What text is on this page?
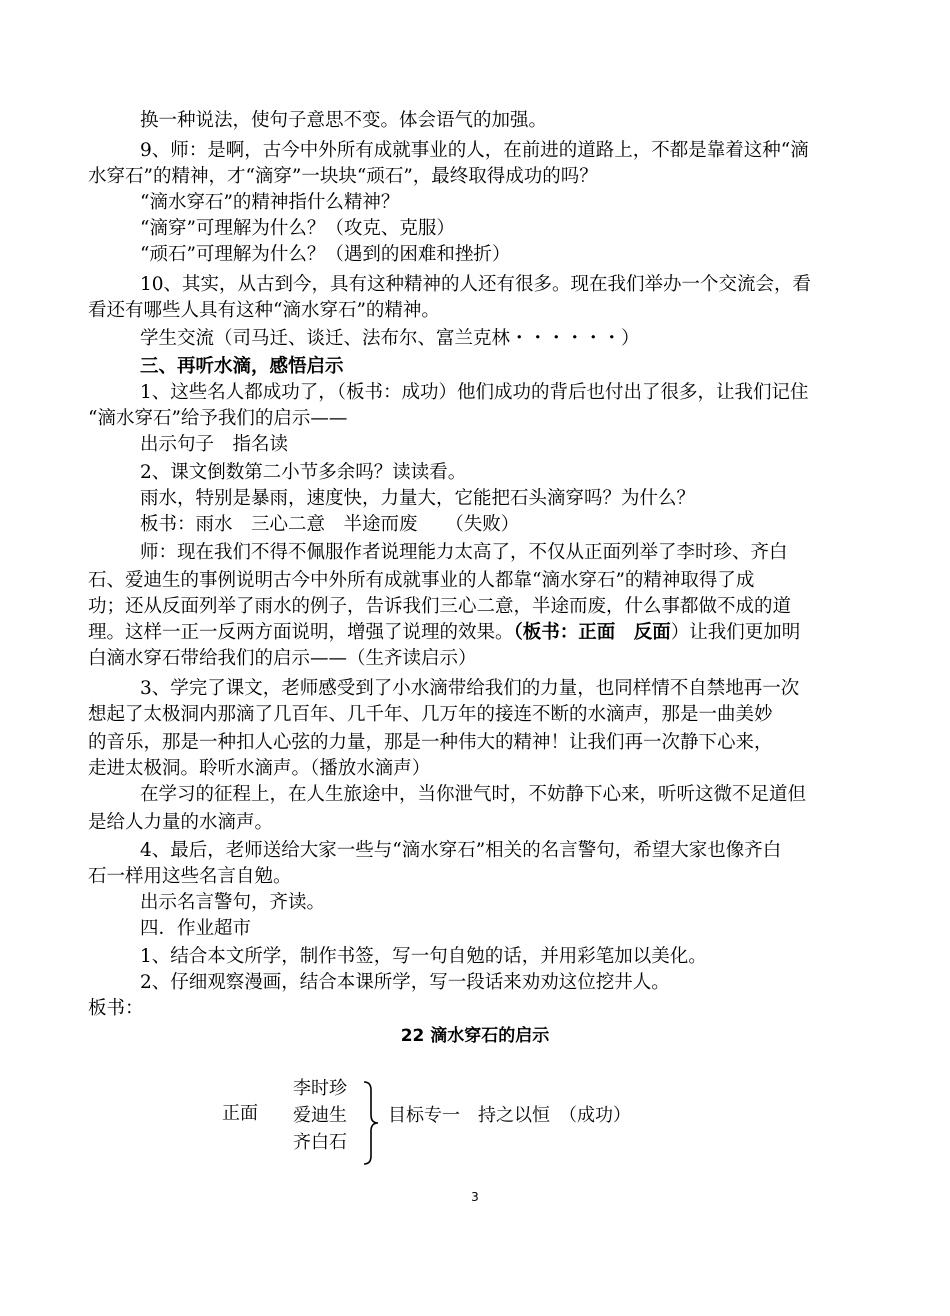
换一种说法，使句子意思不变。体会语气的加强。
9、师：是啊，古今中外所有成就事业的人，在前进的道路上，不都是靠着这种“滴
水穿石”的精神，才“滴穿”一块块“顽石”，最终取得成功的吗？
“滴水穿石”的精神指什么精神？
“滴穿”可理解为什么？（攻克、克服）
“顽石”可理解为什么？（遇到的困难和挫折）
10、其实，从古到今，具有这种精神的人还有很多。现在我们举办一个交流会，看
看还有哪些人具有这种“滴水穿石”的精神。
学生交流（司马迁、谈迁、法布尔、富兰克林・・・・・・）
三、再听水滴，感悟启示
1、这些名人都成功了，（板书：成功）他们成功的背后也付出了很多，让我们记住
“滴水穿石”给予我们的启示——
出示句子　指名读
2、课文倒数第二小节多余吗？读读看。
雨水，特别是暴雨，速度快，力量大，它能把石头滴穿吗？为什么？
板书：雨水　三心二意　半途而废　　（失败）
师：现在我们不得不佩服作者说理能力太高了，不仅从正面列举了李时珍、齐白
石、爱迪生的事例说明古今中外所有成就事业的人都靠“滴水穿石”的精神取得了成
功；还从反面列举了雨水的例子，告诉我们三心二意，半途而废，什么事都做不成的道
理。这样一正一反两方面说明，增强了说理的效果。（板书：正面　反面）让我们更加明
白滴水穿石带给我们的启示——（生齐读启示）
3、学完了课文，老师感受到了小水滴带给我们的力量，也同样情不自禁地再一次
想起了太极洞内那滴了几百年、几千年、几万年的接连不断的水滴声，那是一曲美妙
的音乐，那是一种扣人心弦的力量，那是一种伟大的精神！让我们再一次静下心来，
走进太极洞。聆听水滴声。（播放水滴声）
在学习的征程上，在人生旅途中，当你泄气时，不妨静下心来，听听这微不足道但
是给人力量的水滴声。
4、最后，老师送给大家一些与“滴水穿石”相关的名言警句，希望大家也像齐白
石一样用这些名言自勉。
出示名言警句，齐读。
四．作业超市
1、结合本文所学，制作书签，写一句自勉的话，并用彩笔加以美化。
2、仔细观察漫画，结合本课所学，写一段话来劝劝这位挖井人。
板书：
22 滴水穿石的启示
正面
李时珍
爱迪生
齐白石
目标专一　持之以恒　（成功）
3
